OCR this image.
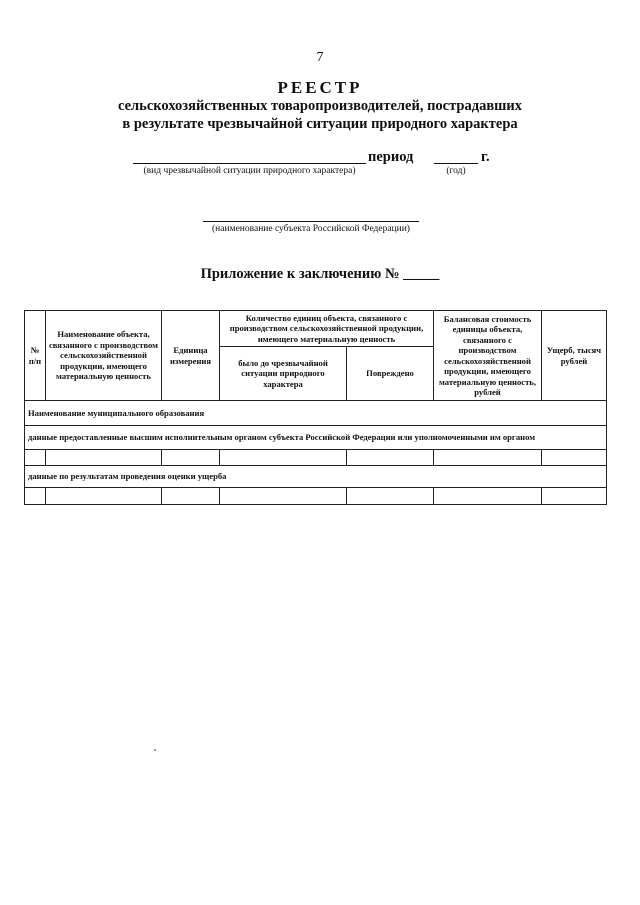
7
РЕЕСТР
сельскохозяйственных товаропроизводителей, пострадавших
в результате чрезвычайной ситуации природного характера
период	г.
(вид чрезвычайной ситуации природного характера)	(год)
(наименование субъекта Российской Федерации)
Приложение к заключению № _____
№ п/п	Наименование объекта, связанного с производством сельскохозяйственной продукции, имеющего материальную ценность	Единица измерения	Количество единиц объекта, связанного с производством сельскохозяйственной продукции, имеющего материальную ценность		Балансовая стоимость единицы объекта, связанного с производством сельскохозяйственной продукции, имеющего материальную ценность, рублей	Ущерб, тысяч рублей
			было до чрезвычайной ситуации природного характера	Повреждено		
Наименование муниципального образования						
данные предоставленные высшим исполнительным органом субъекта Российской Федерации или уполномоченными им органом						

данные по результатам проведения оценки ущерба						
